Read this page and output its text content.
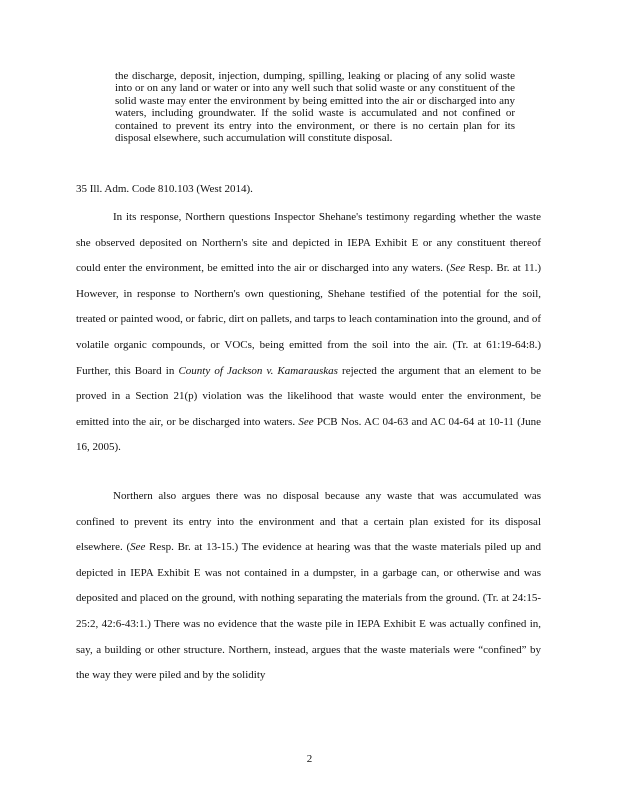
the discharge, deposit, injection, dumping, spilling, leaking or placing of any solid waste into or on any land or water or into any well such that solid waste or any constituent of the solid waste may enter the environment by being emitted into the air or discharged into any waters, including groundwater. If the solid waste is accumulated and not confined or contained to prevent its entry into the environment, or there is no certain plan for its disposal elsewhere, such accumulation will constitute disposal.

35 Ill. Adm. Code 810.103 (West 2014).

In its response, Northern questions Inspector Shehane's testimony regarding whether the waste she observed deposited on Northern's site and depicted in IEPA Exhibit E or any constituent thereof could enter the environment, be emitted into the air or discharged into any waters. (See Resp. Br. at 11.) However, in response to Northern's own questioning, Shehane testified of the potential for the soil, treated or painted wood, or fabric, dirt on pallets, and tarps to leach contamination into the ground, and of volatile organic compounds, or VOCs, being emitted from the soil into the air. (Tr. at 61:19-64:8.) Further, this Board in County of Jackson v. Kamarauskas rejected the argument that an element to be proved in a Section 21(p) violation was the likelihood that waste would enter the environment, be emitted into the air, or be discharged into waters. See PCB Nos. AC 04-63 and AC 04-64 at 10-11 (June 16, 2005).

Northern also argues there was no disposal because any waste that was accumulated was confined to prevent its entry into the environment and that a certain plan existed for its disposal elsewhere. (See Resp. Br. at 13-15.) The evidence at hearing was that the waste materials piled up and depicted in IEPA Exhibit E was not contained in a dumpster, in a garbage can, or otherwise and was deposited and placed on the ground, with nothing separating the materials from the ground. (Tr. at 24:15-25:2, 42:6-43:1.) There was no evidence that the waste pile in IEPA Exhibit E was actually confined in, say, a building or other structure. Northern, instead, argues that the waste materials were “confined” by the way they were piled and by the solidity

2
